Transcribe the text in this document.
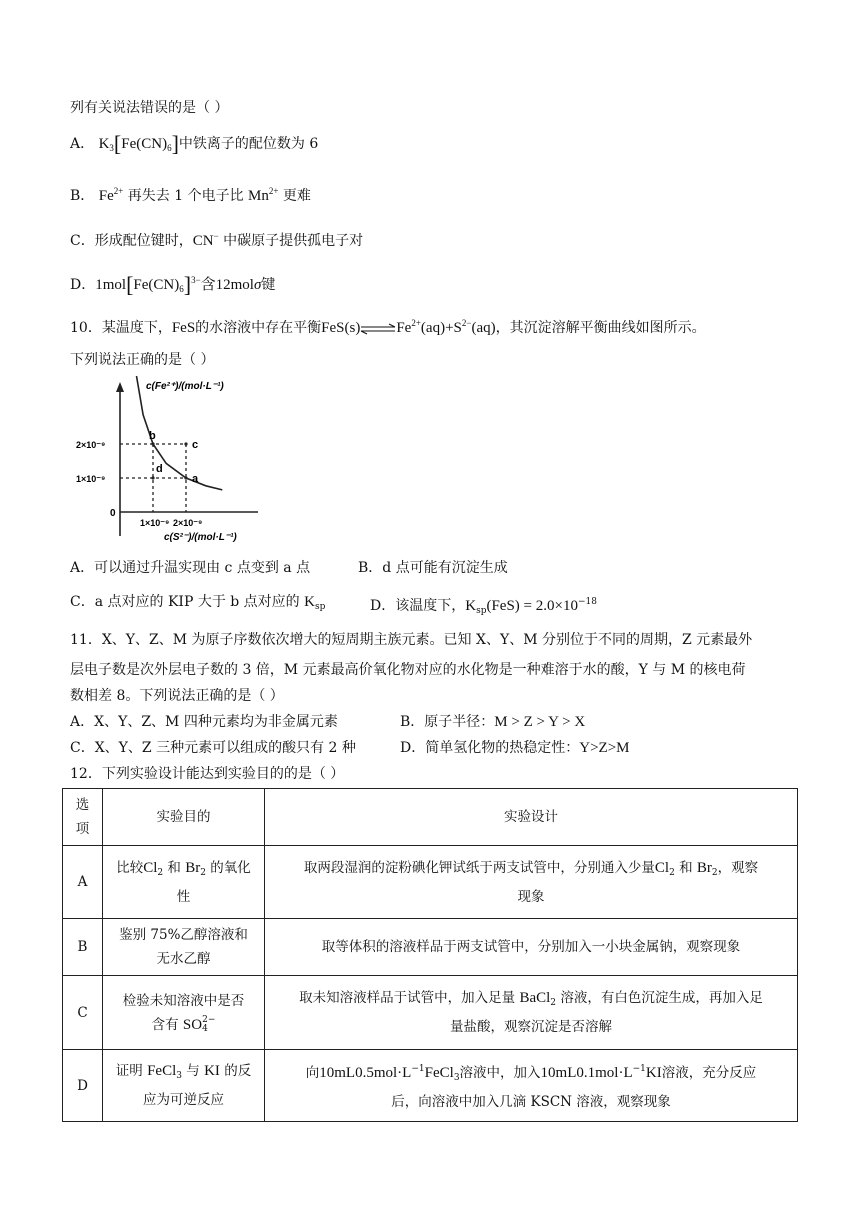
列有关说法错误的是（ ）
A． $K_3[Fe(CN)_6]$中铁离子的配位数为 6
B． $Fe^{2+}$ 再失去 1 个电子比 $Mn^{2+}$ 更难
C．形成配位键时，CN− 中碳原子提供孤电子对
D．$1mol[Fe(CN)_6]^{3-}$含12molσ键
10．某温度下，FeS的水溶液中存在平衡$FeS(s)\rightleftharpoons Fe^{2+}(aq)+S^{2-}(aq)$，其沉淀溶解平衡曲线如图所示。
下列说法正确的是（ ）
c(Fe²⁺)/(mol·L⁻¹)
c(S²⁻)/(mol·L⁻¹)
0
1×10⁻⁹ 2×10⁻⁹
1×10⁻⁹
2×10⁻⁹
b
c
d
a
A．可以通过升温实现由 c 点变到 a 点	B．d 点可能有沉淀生成
C．a 点对应的 KIP 大于 b 点对应的 $K_{sp}$	D．该温度下，$K_{sp}(FeS) = 2.0\times 10^{-18}$
11．X、Y、Z、M 为原子序数依次增大的短周期主族元素。已知 X、Y、M 分别位于不同的周期，Z 元素最外
层电子数是次外层电子数的 3 倍，M 元素最高价氧化物对应的水化物是一种难溶于水的酸，Y 与 M 的核电荷
数相差 8。下列说法正确的是（ ）
A．X、Y、Z、M 四种元素均为非金属元素	B．原子半径：M > Z > Y > X
C．X、Y、Z 三种元素可以组成的酸只有 2 种	D．简单氢化物的热稳定性：Y>Z>M
12．下列实验设计能达到实验目的的是（ ）
选
项	实验目的	实验设计
A	比较$Cl_2$ 和 $Br_2$ 的氧化
性	取两段湿润的淀粉碘化钾试纸于两支试管中，分别通入少量$Cl_2$ 和 $Br_2$，观察
现象
B	鉴别 75%乙醇溶液和
无水乙醇	取等体积的溶液样品于两支试管中，分别加入一小块金属钠，观察现象
C	检验未知溶液中是否
含有 SO2−
4	取未知溶液样品于试管中，加入足量 BaCl$_2$ 溶液，有白色沉淀生成，再加入足
量盐酸，观察沉淀是否溶解
D	证明 FeCl$_3$ 与 KI 的反
应为可逆反应	向$10mL0.5mol\cdot L^{-1}FeCl_3$溶液中，加入$10mL0.1mol\cdot L^{-1}KI$溶液，充分反应
后，向溶液中加入几滴 KSCN 溶液，观察现象
